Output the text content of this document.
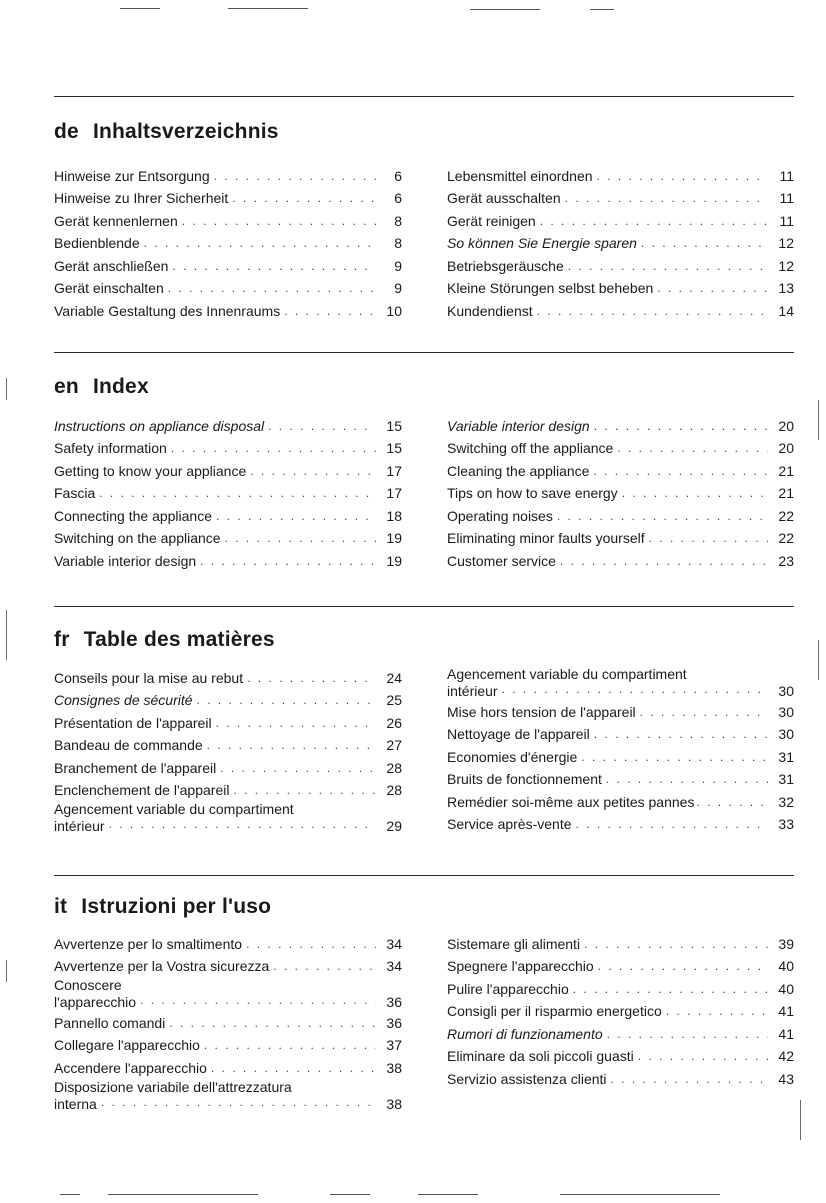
de Inhaltsverzeichnis
Hinweise zur Entsorgung . . .	6
Hinweise zu Ihrer Sicherheit . . .	6
Gerät kennenlernen . . .	8
Bedienblende . . .	8
Gerät anschließen . . .	9
Gerät einschalten . . .	9
Variable Gestaltung des Innenraums . . .	10
Lebensmittel einordnen . . .	11
Gerät ausschalten . . .	11
Gerät reinigen . . .	11
So können Sie Energie sparen . . .	12
Betriebsgeräusche . . .	12
Kleine Störungen selbst beheben . . .	13
Kundendienst . . .	14
en Index
Instructions on appliance disposal . . .	15
Safety information . . .	15
Getting to know your appliance . . .	17
Fascia . . .	17
Connecting the appliance . . .	18
Switching on the appliance . . .	19
Variable interior design . . .	19
Variable interior design . . .	20
Switching off the appliance . . .	20
Cleaning the appliance . . .	21
Tips on how to save energy . . .	21
Operating noises . . .	22
Eliminating minor faults yourself . . .	22
Customer service . . .	23
fr Table des matières
Conseils pour la mise au rebut . . .	24
Consignes de sécurité . . .	25
Présentation de l'appareil . . .	26
Bandeau de commande . . .	27
Branchement de l'appareil . . .	28
Enclenchement de l'appareil . . .	28
Agencement variable du compartiment
intérieur . . .	29
Agencement variable du compartiment
intérieur . . .	30
Mise hors tension de l'appareil . . .	30
Nettoyage de l'appareil . . .	30
Economies d'énergie . . .	31
Bruits de fonctionnement . . .	31
Remédier soi-même aux petites pannes . . .	32
Service après-vente . . .	33
it Istruzioni per l'uso
Avvertenze per lo smaltimento . . .	34
Avvertenze per la Vostra sicurezza . . .	34
Conoscere
l'apparecchio . . .	36
Pannello comandi . . .	36
Collegare l'apparecchio . . .	37
Accendere l'apparecchio . . .	38
Disposizione variabile dell'attrezzatura
interna . . .	38
Sistemare gli alimenti . . .	39
Spegnere l'apparecchio . . .	40
Pulire l'apparecchio . . .	40
Consigli per il risparmio energetico . . .	41
Rumori di funzionamento . . .	41
Eliminare da soli piccoli guasti . . .	42
Servizio assistenza clienti . . .	43
